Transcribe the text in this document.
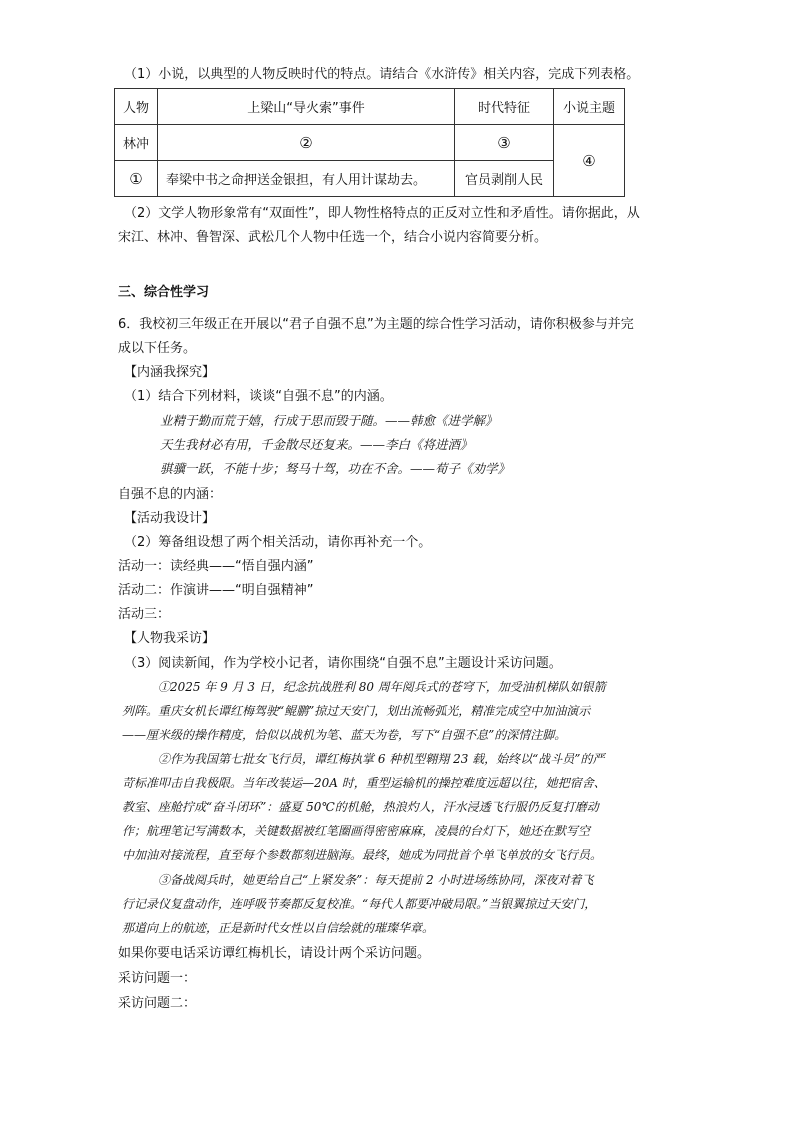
（1）小说，以典型的人物反映时代的特点。请结合《水浒传》相关内容，完成下列表格。
人物	上梁山“导火索”事件	时代特征	小说主题
林冲	②	③	④
①	奉梁中书之命押送金银担，有人用计谋劫去。	官员剥削人民	
（2）文学人物形象常有“双面性”，即人物性格特点的正反对立性和矛盾性。请你据此，从
宋江、林冲、鲁智深、武松几个人物中任选一个，结合小说内容简要分析。
三、综合性学习
6．我校初三年级正在开展以“君子自强不息”为主题的综合性学习活动，请你积极参与并完
成以下任务。
【内涵我探究】
（1）结合下列材料，谈谈“自强不息”的内涵。
业精于勤而荒于嬉，行成于思而毁于随。——韩愈《进学解》
天生我材必有用，千金散尽还复来。——李白《将进酒》
骐骥一跃，不能十步；驽马十驾，功在不舍。——荀子《劝学》
自强不息的内涵：
【活动我设计】
（2）筹备组设想了两个相关活动，请你再补充一个。
活动一：读经典——“悟自强内涵”
活动二：作演讲——“明自强精神”
活动三：
【人物我采访】
（3）阅读新闻，作为学校小记者，请你围绕“自强不息”主题设计采访问题。
①2025 年 9 月 3 日，纪念抗战胜利 80 周年阅兵式的苍穹下，加受油机梯队如银箭
列阵。重庆女机长谭红梅驾驶“鲲鹏”掠过天安门，划出流畅弧光，精准完成空中加油演示
——厘米级的操作精度，恰似以战机为笔、蓝天为卷，写下“自强不息”的深情注脚。
②作为我国第七批女飞行员，谭红梅执掌 6 种机型翱翔 23 载，始终以“战斗员”的严
苛标准叩击自我极限。当年改装运—20A 时，重型运输机的操控难度远超以往，她把宿舍、
教室、座舱拧成“奋斗闭环”：盛夏 50℃的机舱，热浪灼人，汗水浸透飞行服仍反复打磨动
作；航理笔记写满数本，关键数据被红笔圈画得密密麻麻，凌晨的台灯下，她还在默写空
中加油对接流程，直至每个参数都刻进脑海。最终，她成为同批首个单飞单放的女飞行员。
③备战阅兵时，她更给自己“上紧发条”：每天提前 2 小时进场练协同，深夜对着飞
行记录仪复盘动作，连呼吸节奏都反复校准。“每代人都要冲破局限。”当银翼掠过天安门，
那道向上的航迹，正是新时代女性以自信绘就的璀璨华章。
如果你要电话采访谭红梅机长，请设计两个采访问题。
采访问题一：
采访问题二：
